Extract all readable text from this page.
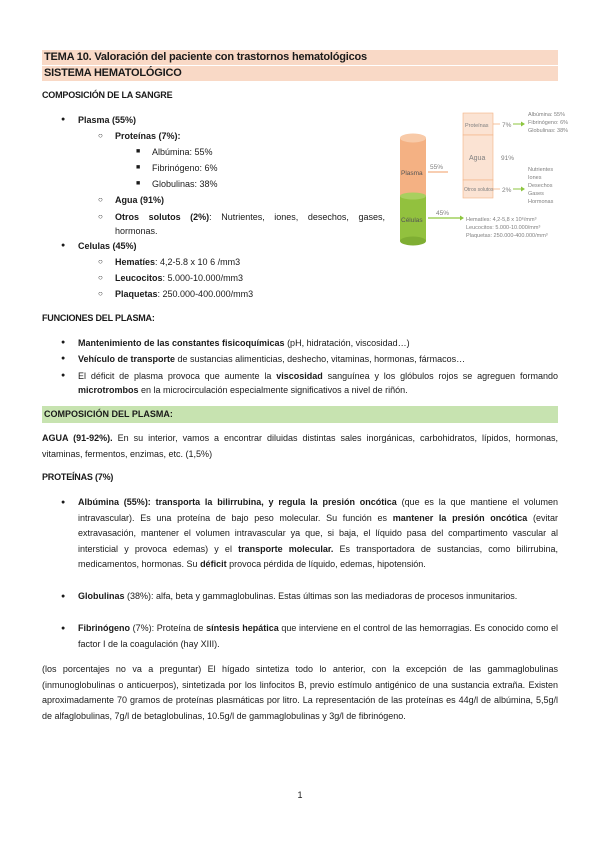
TEMA 10. Valoración del paciente con trastornos hematológicos
SISTEMA HEMATOLÓGICO
COMPOSICIÓN DE LA SANGRE
● Plasma (55%)
○ Proteínas (7%):
■ Albúmina: 55%
■ Fibrinógeno: 6%
■ Globulinas: 38%
○ Agua (91%)
○ Otros solutos (2%): Nutrientes, iones, desechos, gases, hormonas.
● Celulas (45%)
○ Hematíes: 4,2-5.8 x 10 6 /mm3
○ Leucocitos: 5.000-10.000/mm3
○ Plaquetas: 250.000-400.000/mm3
Plasma
Células
55%
45%
Proteínas
Agua
Otros solutos
7%
91%
2%
Albúmina: 55%
Fibrinógeno: 6%
Globulinas: 38%
Nutrientes
Iones
Desechos
Gases
Hormonas
Hematíes: 4,2-5,8 x 10⁶/mm³
Leucocitos: 5.000-10.000/mm³
Plaquetas: 250.000-400.000/mm³
FUNCIONES DEL PLASMA:
● Mantenimiento de las constantes fisicoquímicas (pH, hidratación, viscosidad…)
● Vehículo de transporte de sustancias alimenticias, deshecho, vitaminas, hormonas, fármacos…
● El déficit de plasma provoca que aumente la viscosidad sanguínea y los glóbulos rojos se agreguen formando microtrombos en la microcirculación especialmente significativos a nivel de riñón.
COMPOSICIÓN DEL PLASMA:
AGUA (91-92%). En su interior, vamos a encontrar diluidas distintas sales inorgánicas, carbohidratos, lípidos, hormonas, vitaminas, fermentos, enzimas, etc. (1,5%)
PROTEÍNAS (7%)
● Albúmina (55%): transporta la bilirrubina, y regula la presión oncótica (que es la que mantiene el volumen intravascular). Es una proteína de bajo peso molecular. Su función es mantener la presión oncótica (evitar extravasación, mantener el volumen intravascular ya que, si baja, el líquido pasa del compartimento vascular al intersticial y provoca edemas) y el transporte molecular. Es transportadora de sustancias, como bilirrubina, medicamentos, hormonas. Su déficit provoca pérdida de líquido, edemas, hipotensión.
● Globulinas (38%): alfa, beta y gammaglobulinas. Estas últimas son las mediadoras de procesos inmunitarios.
● Fibrinógeno (7%): Proteína de síntesis hepática que interviene en el control de las hemorragias. Es conocido como el factor I de la coagulación (hay XIII).
(los porcentajes no va a preguntar) El hígado sintetiza todo lo anterior, con la excepción de las gammaglobulinas (inmunoglobulinas o anticuerpos), sintetizada por los linfocitos B, previo estímulo antigénico de una sustancia extraña. Existen aproximadamente 70 gramos de proteínas plasmáticas por litro. La representación de las proteínas es 44g/l de albúmina, 5,5g/l de alfaglobulinas, 7g/l de betaglobulinas, 10.5g/l de gammaglobulinas y 3g/l de fibrinógeno.
1
